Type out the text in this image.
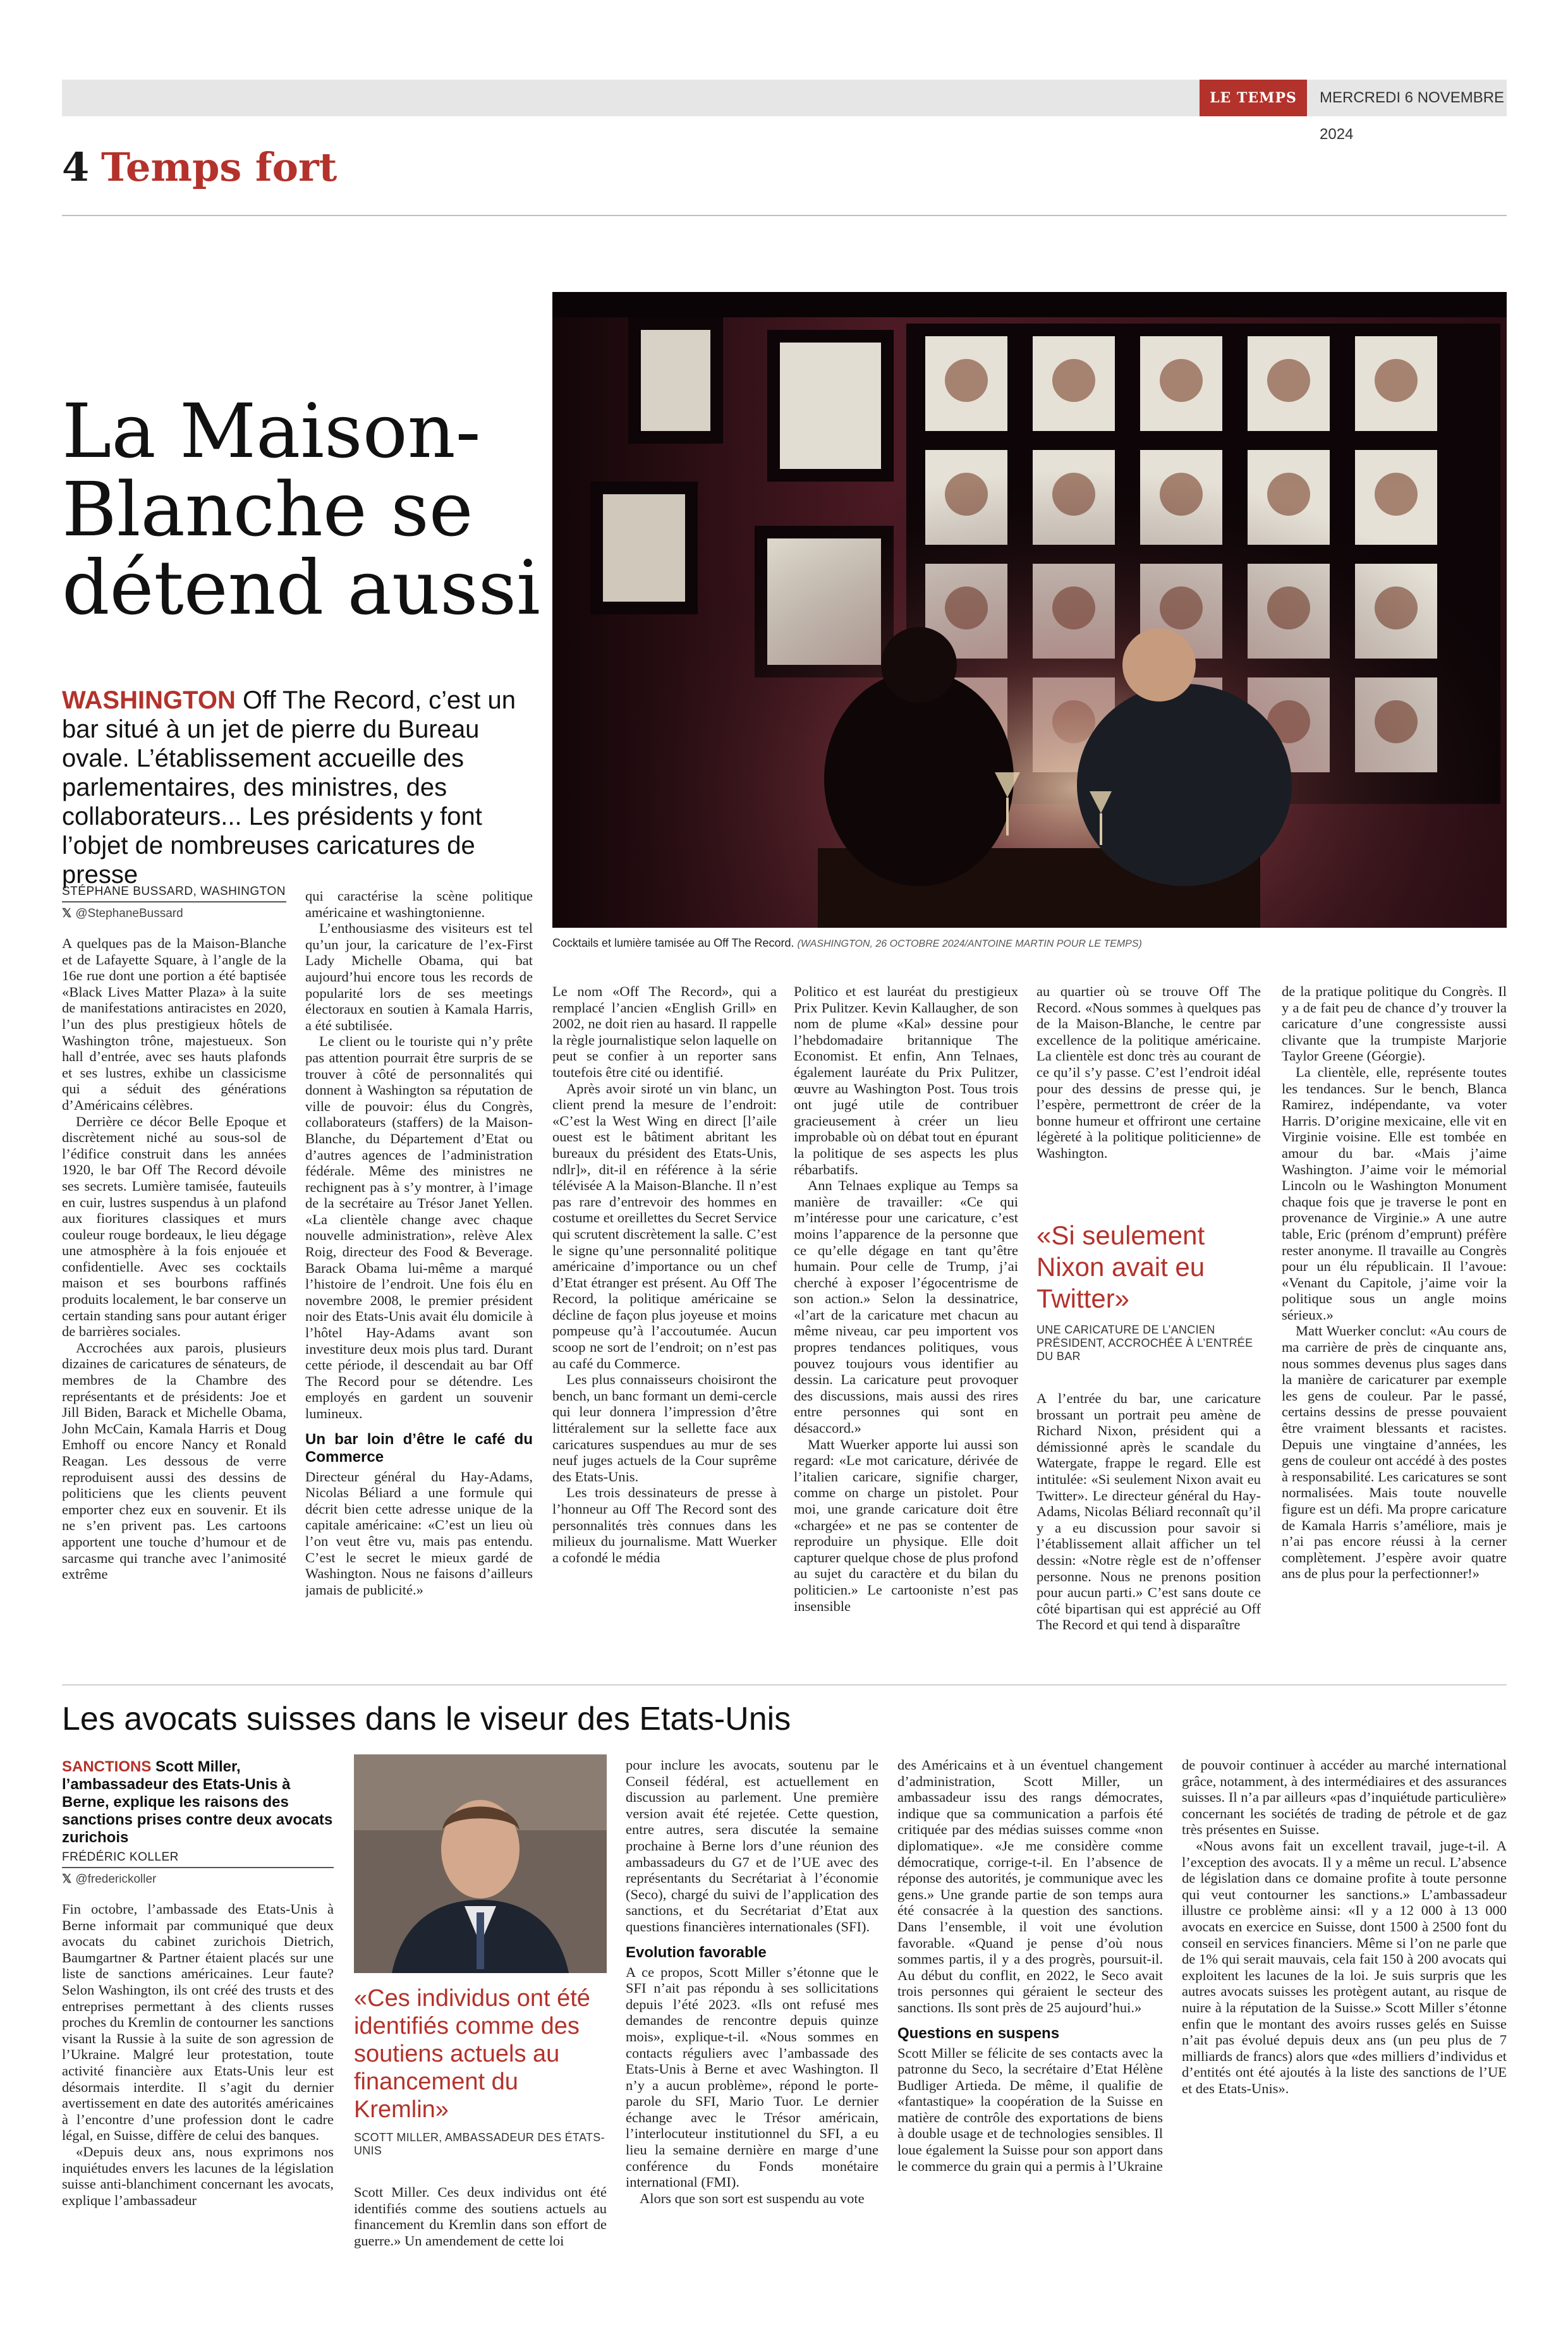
LE TEMPS	MERCREDI 6 NOVEMBRE 2024
4 Temps fort
La Maison-Blanche se détend aussi
WASHINGTON Off The Record, c’est un bar situé à un jet de pierre du Bureau ovale. L’établissement accueille des parlementaires, des ministres, des collaborateurs... Les présidents y font l’objet de nombreuses caricatures de presse
STÉPHANE BUSSARD, WASHINGTON
𝕏 @StephaneBussard

A quelques pas de la Maison-Blanche et de Lafayette Square, à l’angle de la 16e rue dont une portion a été baptisée «Black Lives Matter Plaza» à la suite de manifestations antiracistes en 2020, l’un des plus prestigieux hôtels de Washington trône, majestueux. Son hall d’entrée, avec ses hauts plafonds et ses lustres, exhibe un classicisme qui a séduit des générations d’Américains célèbres.

Derrière ce décor Belle Epoque et discrètement niché au sous-sol de l’édifice construit dans les années 1920, le bar Off The Record dévoile ses secrets. Lumière tamisée, fauteuils en cuir, lustres suspendus à un plafond aux fioritures classiques et murs couleur rouge bordeaux, le lieu dégage une atmosphère à la fois enjouée et confidentielle. Avec ses cocktails maison et ses bourbons raffinés produits localement, le bar conserve un certain standing sans pour autant ériger de barrières sociales.

Accrochées aux parois, plusieurs dizaines de caricatures de sénateurs, de membres de la Chambre des représentants et de présidents: Joe et Jill Biden, Barack et Michelle Obama, John McCain, Kamala Harris et Doug Emhoff ou encore Nancy et Ronald Reagan. Les dessous de verre reproduisent aussi des dessins de politiciens que les clients peuvent emporter chez eux en souvenir. Et ils ne s’en privent pas. Les cartoons apportent une touche d’humour et de sarcasme qui tranche avec l’animosité extrême

qui caractérise la scène politique américaine et washingtonienne.

L’enthousiasme des visiteurs est tel qu’un jour, la caricature de l’ex-First Lady Michelle Obama, qui bat aujourd’hui encore tous les records de popularité lors de ses meetings électoraux en soutien à Kamala Harris, a été subtilisée.

Le client ou le touriste qui n’y prête pas attention pourrait être surpris de se trouver à côté de personnalités qui donnent à Washington sa réputation de ville de pouvoir: élus du Congrès, collaborateurs (staffers) de la Maison-Blanche, du Département d’Etat ou d’autres agences de l’administration fédérale. Même des ministres ne rechignent pas à s’y montrer, à l’image de la secrétaire au Trésor Janet Yellen. «La clientèle change avec chaque nouvelle administration», relève Alex Roig, directeur des Food & Beverage. Barack Obama lui-même a marqué l’histoire de l’endroit. Une fois élu en novembre 2008, le premier président noir des Etats-Unis avait élu domicile à l’hôtel Hay-Adams avant son investiture deux mois plus tard. Durant cette période, il descendait au bar Off The Record pour se détendre. Les employés en gardent un souvenir lumineux.

Un bar loin d’être le café du Commerce

Directeur général du Hay-Adams, Nicolas Béliard a une formule qui décrit bien cette adresse unique de la capitale américaine: «C’est un lieu où l’on veut être vu, mais pas entendu. C’est le secret le mieux gardé de Washington. Nous ne faisons d’ailleurs jamais de publicité.»

Cocktails et lumière tamisée au Off The Record. (WASHINGTON, 26 OCTOBRE 2024/ANTOINE MARTIN POUR LE TEMPS)

Le nom «Off The Record», qui a remplacé l’ancien «English Grill» en 2002, ne doit rien au hasard. Il rappelle la règle journalistique selon laquelle on peut se confier à un reporter sans toutefois être cité ou identifié.

Après avoir siroté un vin blanc, un client prend la mesure de l’endroit: «C’est la West Wing en direct [l’aile ouest est le bâtiment abritant les bureaux du président des Etats-Unis, ndlr]», dit-il en référence à la série télévisée A la Maison-Blanche. Il n’est pas rare d’entrevoir des hommes en costume et oreillettes du Secret Service qui scrutent discrètement la salle. C’est le signe qu’une personnalité politique américaine d’importance ou un chef d’Etat étranger est présent. Au Off The Record, la politique américaine se décline de façon plus joyeuse et moins pompeuse qu’à l’accoutumée. Aucun scoop ne sort de l’endroit; on n’est pas au café du Commerce.

Les plus connaisseurs choisiront the bench, un banc formant un demi-cercle qui leur donnera l’impression d’être littéralement sur la sellette face aux caricatures suspendues au mur de ses neuf juges actuels de la Cour suprême des Etats-Unis.

Les trois dessinateurs de presse à l’honneur au Off The Record sont des personnalités très connues dans les milieux du journalisme. Matt Wuerker a cofondé le média

Politico et est lauréat du prestigieux Prix Pulitzer. Kevin Kallaugher, de son nom de plume «Kal» dessine pour l’hebdomadaire britannique The Economist. Et enfin, Ann Telnaes, également lauréate du Prix Pulitzer, œuvre au Washington Post. Tous trois ont jugé utile de contribuer gracieusement à créer un lieu improbable où on débat tout en épurant la politique de ses aspects les plus rébarbatifs.

Ann Telnaes explique au Temps sa manière de travailler: «Ce qui m’intéresse pour une caricature, c’est moins l’apparence de la personne que ce qu’elle dégage en tant qu’être humain. Pour celle de Trump, j’ai cherché à exposer l’égocentrisme de son action.» Selon la dessinatrice, «l’art de la caricature met chacun au même niveau, car peu importent vos propres tendances politiques, vous pouvez toujours vous identifier au dessin. La caricature peut provoquer des discussions, mais aussi des rires entre personnes qui sont en désaccord.»

Matt Wuerker apporte lui aussi son regard: «Le mot caricature, dérivée de l’italien caricare, signifie charger, comme on charge un pistolet. Pour moi, une grande caricature doit être «chargée» et ne pas se contenter de reproduire un physique. Elle doit capturer quelque chose de plus profond au sujet du caractère et du bilan du politicien.» Le cartooniste n’est pas insensible

au quartier où se trouve Off The Record. «Nous sommes à quelques pas de la Maison-Blanche, le centre par excellence de la politique américaine. La clientèle est donc très au courant de ce qu’il s’y passe. C’est l’endroit idéal pour des dessins de presse qui, je l’espère, permettront de créer de la bonne humeur et offriront une certaine légèreté à la politique politicienne» de Washington.

«Si seulement Nixon avait eu Twitter»
UNE CARICATURE DE L’ANCIEN PRÉSIDENT, ACCROCHÉE À L’ENTRÉE DU BAR

A l’entrée du bar, une caricature brossant un portrait peu amène de Richard Nixon, président qui a démissionné après le scandale du Watergate, frappe le regard. Elle est intitulée: «Si seulement Nixon avait eu Twitter». Le directeur général du Hay-Adams, Nicolas Béliard reconnaît qu’il y a eu discussion pour savoir si l’établissement allait afficher un tel dessin: «Notre règle est de n’offenser personne. Nous ne prenons position pour aucun parti.» C’est sans doute ce côté bipartisan qui est apprécié au Off The Record et qui tend à disparaître

de la pratique politique du Congrès. Il y a de fait peu de chance d’y trouver la caricature d’une congressiste aussi clivante que la trumpiste Marjorie Taylor Greene (Géorgie).

La clientèle, elle, représente toutes les tendances. Sur le bench, Blanca Ramirez, indépendante, va voter Harris. D’origine mexicaine, elle vit en Virginie voisine. Elle est tombée en amour du bar. «Mais j’aime Washington. J’aime voir le mémorial Lincoln ou le Washington Monument chaque fois que je traverse le pont en provenance de Virginie.» A une autre table, Eric (prénom d’emprunt) préfère rester anonyme. Il travaille au Congrès pour un élu républicain. Il l’avoue: «Venant du Capitole, j’aime voir la politique sous un angle moins sérieux.»

Matt Wuerker conclut: «Au cours de ma carrière de près de cinquante ans, nous sommes devenus plus sages dans la manière de caricaturer par exemple les gens de couleur. Par le passé, certains dessins de presse pouvaient être vraiment blessants et racistes. Depuis une vingtaine d’années, les gens de couleur ont accédé à des postes à responsabilité. Les caricatures se sont normalisées. Mais toute nouvelle figure est un défi. Ma propre caricature de Kamala Harris s’améliore, mais je n’ai pas encore réussi à la cerner complètement. J’espère avoir quatre ans de plus pour la perfectionner!»

Les avocats suisses dans le viseur des Etats-Unis
SANCTIONS Scott Miller, l’ambassadeur des Etats-Unis à Berne, explique les raisons des sanctions prises contre deux avocats zurichois
FRÉDÉRIC KOLLER
𝕏 @frederickoller

Fin octobre, l’ambassade des Etats-Unis à Berne informait par communiqué que deux avocats du cabinet zurichois Dietrich, Baumgartner & Partner étaient placés sur une liste de sanctions américaines. Leur faute? Selon Washington, ils ont créé des trusts et des entreprises permettant à des clients russes proches du Kremlin de contourner les sanctions visant la Russie à la suite de son agression de l’Ukraine. Malgré leur protestation, toute activité financière aux Etats-Unis leur est désormais interdite. Il s’agit du dernier avertissement en date des autorités américaines à l’encontre d’une profession dont le cadre légal, en Suisse, diffère de celui des banques.

«Depuis deux ans, nous exprimons nos inquiétudes envers les lacunes de la législation suisse anti-blanchiment concernant les avocats, explique l’ambassadeur

«Ces individus ont été identifiés comme des soutiens actuels au financement du Kremlin»
SCOTT MILLER, AMBASSADEUR DES ÉTATS-UNIS

Scott Miller. Ces deux individus ont été identifiés comme des soutiens actuels au financement du Kremlin dans son effort de guerre.» Un amendement de cette loi

pour inclure les avocats, soutenu par le Conseil fédéral, est actuellement en discussion au parlement. Une première version avait été rejetée. Cette question, entre autres, sera discutée la semaine prochaine à Berne lors d’une réunion des ambassadeurs du G7 et de l’UE avec des représentants du Secrétariat à l’économie (Seco), chargé du suivi de l’application des sanctions, et du Secrétariat d’Etat aux questions financières internationales (SFI).

Evolution favorable

A ce propos, Scott Miller s’étonne que le SFI n’ait pas répondu à ses sollicitations depuis l’été 2023. «Ils ont refusé mes demandes de rencontre depuis quinze mois», explique-t-il. «Nous sommes en contacts réguliers avec l’ambassade des Etats-Unis à Berne et avec Washington. Il n’y a aucun problème», répond le porte-parole du SFI, Mario Tuor. Le dernier échange avec le Trésor américain, l’interlocuteur institutionnel du SFI, a eu lieu la semaine dernière en marge d’une conférence du Fonds monétaire international (FMI).

Alors que son sort est suspendu au vote

des Américains et à un éventuel changement d’administration, Scott Miller, un ambassadeur issu des rangs démocrates, indique que sa communication a parfois été critiquée par des médias suisses comme «non diplomatique». «Je me considère comme démocratique, corrige-t-il. En l’absence de réponse des autorités, je communique avec les gens.» Une grande partie de son temps aura été consacrée à la question des sanctions. Dans l’ensemble, il voit une évolution favorable. «Quand je pense d’où nous sommes partis, il y a des progrès, poursuit-il. Au début du conflit, en 2022, le Seco avait trois personnes qui géraient le secteur des sanctions. Ils sont près de 25 aujourd’hui.»

Questions en suspens

Scott Miller se félicite de ses contacts avec la patronne du Seco, la secrétaire d’Etat Hélène Budliger Artieda. De même, il qualifie de «fantastique» la coopération de la Suisse en matière de contrôle des exportations de biens à double usage et de technologies sensibles. Il loue également la Suisse pour son apport dans le commerce du grain qui a permis à l’Ukraine

de pouvoir continuer à accéder au marché international grâce, notamment, à des intermédiaires et des assurances suisses. Il n’a par ailleurs «pas d’inquiétude particulière» concernant les sociétés de trading de pétrole et de gaz très présentes en Suisse.

«Nous avons fait un excellent travail, juge-t-il. A l’exception des avocats. Il y a même un recul. L’absence de législation dans ce domaine profite à toute personne qui veut contourner les sanctions.» L’ambassadeur illustre ce problème ainsi: «Il y a 12 000 à 13 000 avocats en exercice en Suisse, dont 1500 à 2500 font du conseil en services financiers. Même si l’on ne parle que de 1% qui serait mauvais, cela fait 150 à 200 avocats qui exploitent les lacunes de la loi. Je suis surpris que les autres avocats suisses les protègent autant, au risque de nuire à la réputation de la Suisse.» Scott Miller s’étonne enfin que le montant des avoirs russes gelés en Suisse n’ait pas évolué depuis deux ans (un peu plus de 7 milliards de francs) alors que «des milliers d’individus et d’entités ont été ajoutés à la liste des sanctions de l’UE et des Etats-Unis».
